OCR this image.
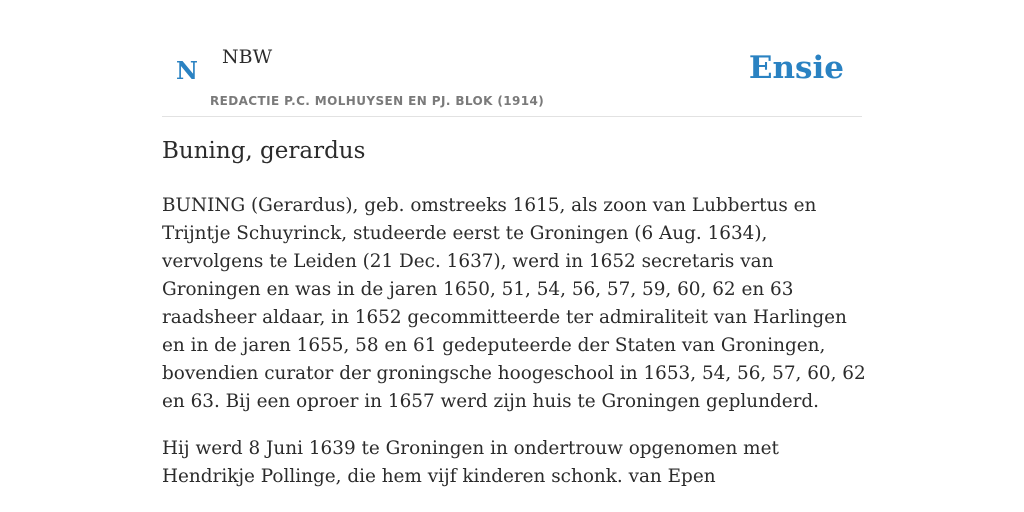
N NBW
REDACTIE P.C. MOLHUYSEN EN PJ. BLOK (1914)
Ensie
Buning, gerardus

BUNING (Gerardus), geb. omstreeks 1615, als zoon van Lubbertus en Trijntje Schuyrinck, studeerde eerst te Groningen (6 Aug. 1634), vervolgens te Leiden (21 Dec. 1637), werd in 1652 secretaris van Groningen en was in de jaren 1650, 51, 54, 56, 57, 59, 60, 62 en 63 raadsheer aldaar, in 1652 gecommitteerde ter admiraliteit van Harlingen en in de jaren 1655, 58 en 61 gedeputeerde der Staten van Groningen, bovendien curator der groningsche hoogeschool in 1653, 54, 56, 57, 60, 62 en 63. Bij een oproer in 1657 werd zijn huis te Groningen geplunderd.

Hij werd 8 Juni 1639 te Groningen in ondertrouw opgenomen met Hendrikje Pollinge, die hem vijf kinderen schonk. van Epen
